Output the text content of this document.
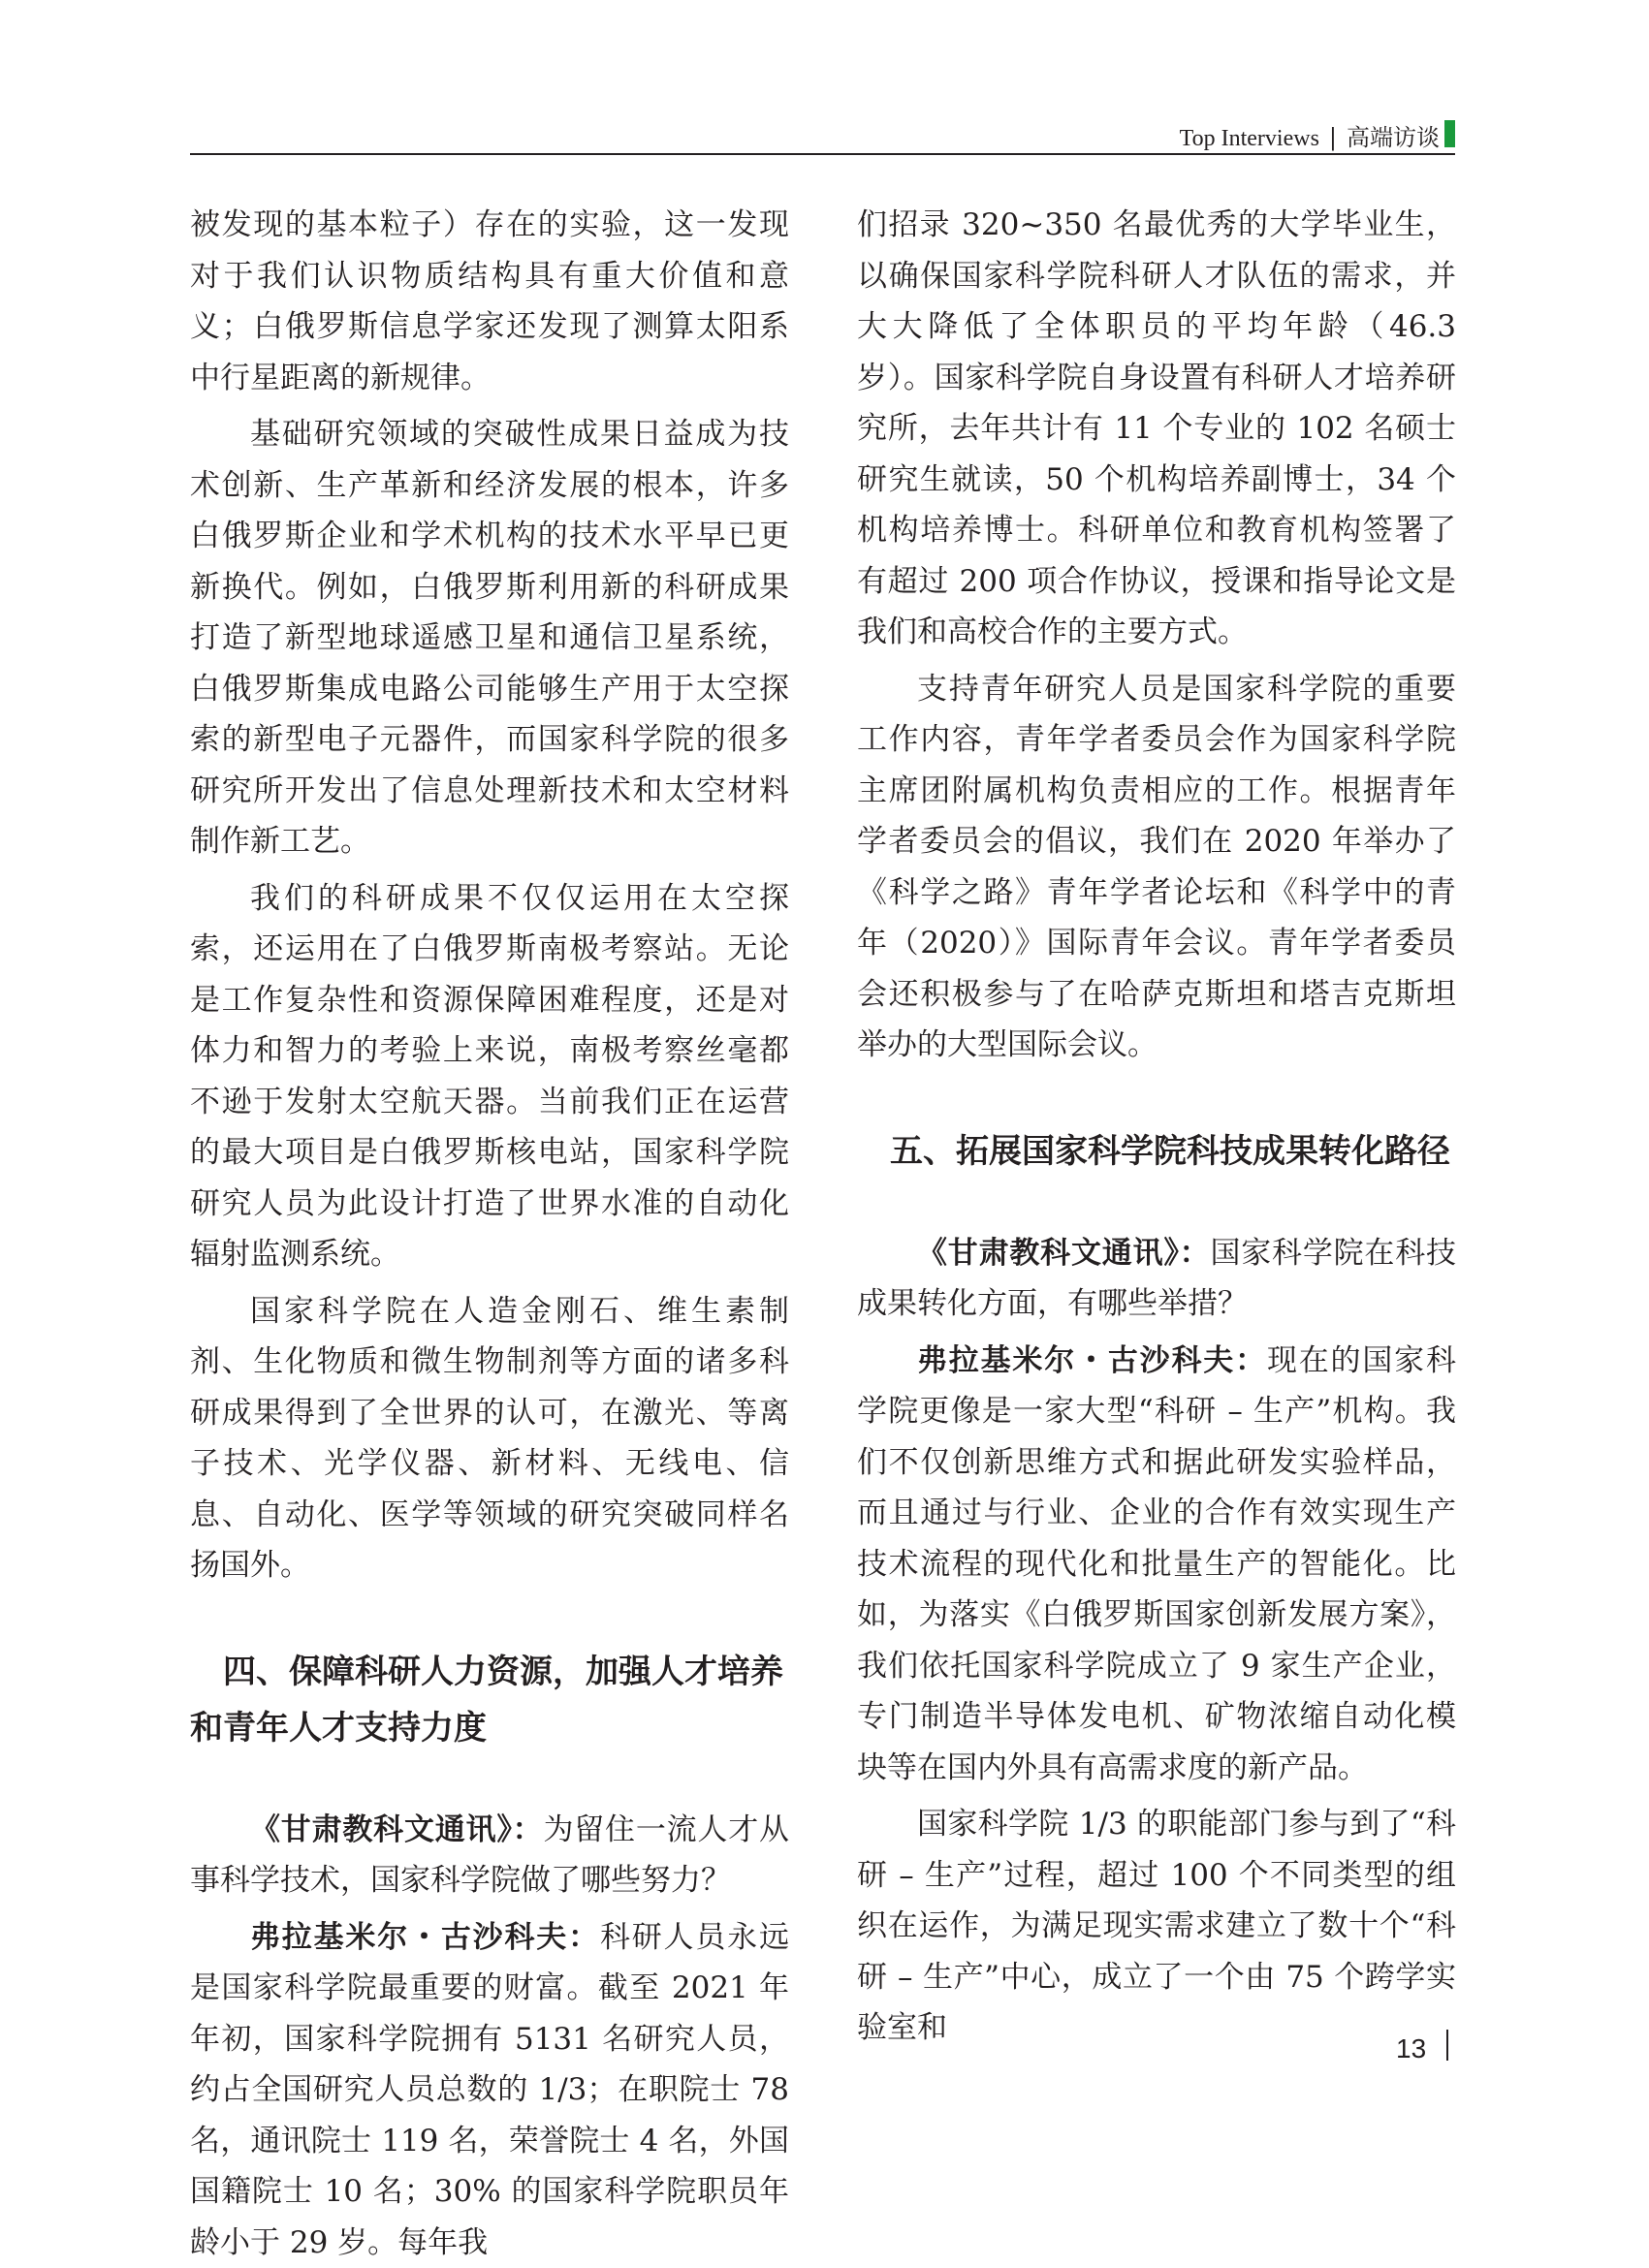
Top Interviews | 高端访谈

被发现的基本粒子）存在的实验，这一发现对于我们认识物质结构具有重大价值和意义；白俄罗斯信息学家还发现了测算太阳系中行星距离的新规律。

基础研究领域的突破性成果日益成为技术创新、生产革新和经济发展的根本，许多白俄罗斯企业和学术机构的技术水平早已更新换代。例如，白俄罗斯利用新的科研成果打造了新型地球遥感卫星和通信卫星系统，白俄罗斯集成电路公司能够生产用于太空探索的新型电子元器件，而国家科学院的很多研究所开发出了信息处理新技术和太空材料制作新工艺。

我们的科研成果不仅仅运用在太空探索，还运用在了白俄罗斯南极考察站。无论是工作复杂性和资源保障困难程度，还是对体力和智力的考验上来说，南极考察丝毫都不逊于发射太空航天器。当前我们正在运营的最大项目是白俄罗斯核电站，国家科学院研究人员为此设计打造了世界水准的自动化辐射监测系统。

国家科学院在人造金刚石、维生素制剂、生化物质和微生物制剂等方面的诸多科研成果得到了全世界的认可，在激光、等离子技术、光学仪器、新材料、无线电、信息、自动化、医学等领域的研究突破同样名扬国外。

四、保障科研人力资源，加强人才培养和青年人才支持力度

《甘肃教科文通讯》：为留住一流人才从事科学技术，国家科学院做了哪些努力？

弗拉基米尔・古沙科夫：科研人员永远是国家科学院最重要的财富。截至 2021 年年初，国家科学院拥有 5131 名研究人员，约占全国研究人员总数的 1/3；在职院士 78 名，通讯院士 119 名，荣誉院士 4 名，外国国籍院士 10 名；30% 的国家科学院职员年龄小于 29 岁。每年我

们招录 320~350 名最优秀的大学毕业生，以确保国家科学院科研人才队伍的需求，并大大降低了全体职员的平均年龄（46.3 岁）。国家科学院自身设置有科研人才培养研究所，去年共计有 11 个专业的 102 名硕士研究生就读，50 个机构培养副博士，34 个机构培养博士。科研单位和教育机构签署了有超过 200 项合作协议，授课和指导论文是我们和高校合作的主要方式。

支持青年研究人员是国家科学院的重要工作内容，青年学者委员会作为国家科学院主席团附属机构负责相应的工作。根据青年学者委员会的倡议，我们在 2020 年举办了《科学之路》青年学者论坛和《科学中的青年（2020）》国际青年会议。青年学者委员会还积极参与了在哈萨克斯坦和塔吉克斯坦举办的大型国际会议。

五、拓展国家科学院科技成果转化路径

《甘肃教科文通讯》：国家科学院在科技成果转化方面，有哪些举措？

弗拉基米尔・古沙科夫：现在的国家科学院更像是一家大型“科研 – 生产”机构。我们不仅创新思维方式和据此研发实验样品，而且通过与行业、企业的合作有效实现生产技术流程的现代化和批量生产的智能化。比如，为落实《白俄罗斯国家创新发展方案》，我们依托国家科学院成立了 9 家生产企业，专门制造半导体发电机、矿物浓缩自动化模块等在国内外具有高需求度的新产品。

国家科学院 1/3 的职能部门参与到了“科研 – 生产”过程，超过 100 个不同类型的组织在运作，为满足现实需求建立了数十个“科研 – 生产”中心，成立了一个由 75 个跨学实验室和

13
